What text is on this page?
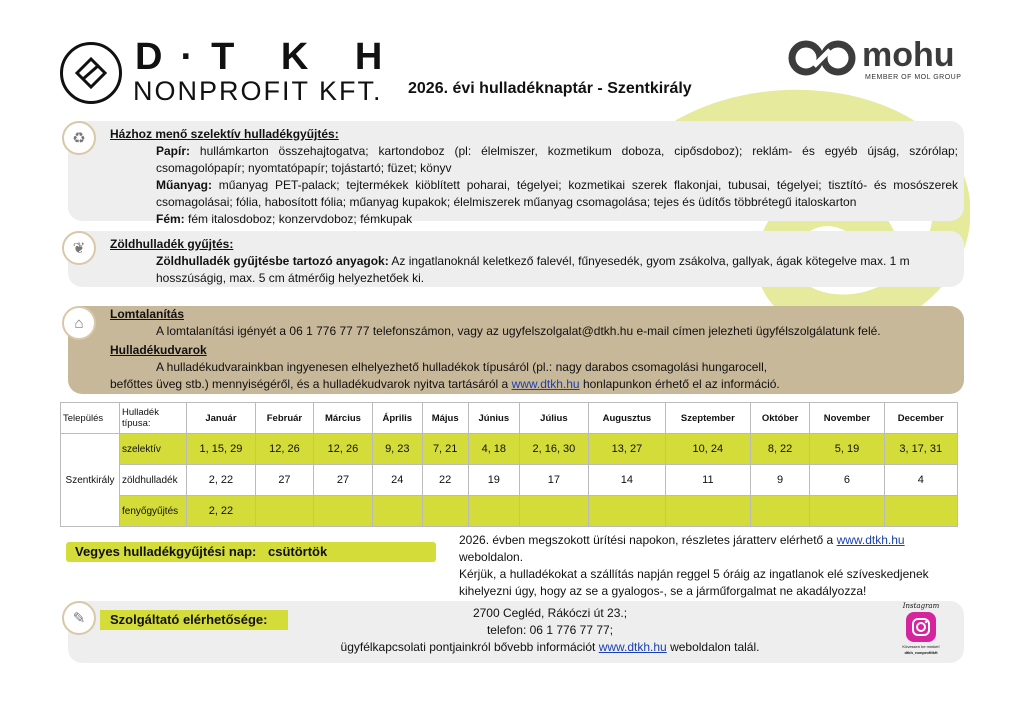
D·T K H
NONPROFIT KFT.
mohu
MEMBER OF MOL GROUP
2026. évi hulladéknaptár - Szentkirály
♻	Házhoz menő szelektív hulladékgyűjtés:
Papír: hullámkarton összehajtogatva; kartondoboz (pl: élelmiszer, kozmetikum doboza, cipősdoboz); reklám- és egyéb újság, szórólap; csomagolópapír; nyomtatópapír; tojástartó; füzet; könyv
Műanyag: műanyag PET-palack; tejtermékek kiöblített poharai, tégelyei; kozmetikai szerek flakonjai, tubusai, tégelyei; tisztító- és mosószerek csomagolásai; fólia, habosított fólia; műanyag kupakok; élelmiszerek műanyag csomagolása; tejes és üdítős többrétegű italoskarton
Fém: fém italosdoboz; konzervdoboz; fémkupak
❦	Zöldhulladék gyűjtés:
Zöldhulladék gyűjtésbe tartozó anyagok: Az ingatlanoknál keletkező falevél, fűnyesedék, gyom zsákolva, gallyak, ágak kötegelve max. 1 m hosszúságig, max. 5 cm átmérőig helyezhetőek ki.
⌂
Lomtalanítás
A lomtalanítási igényét a 06 1 776 77 77 telefonszámon, vagy az ugyfelszolgalat@dtkh.hu e-mail címen jelezheti ügyfélszolgálatunk felé.
Hulladékudvarok
A hulladékudvarainkban ingyenesen elhelyezhető hulladékok típusáról (pl.: nagy darabos csomagolási hungarocell,
befőttes üveg stb.) mennyiségéről, és a hulladékudvarok nyitva tartásáról a www.dtkh.hu honlapunkon érhető el az információ.
Település	Hulladék típusa:	Január	Február	Március	Április	Május	Június	Július	Augusztus	Szeptember	Október	November	December
Szentkirály	szelektív	1, 15, 29	12, 26	12, 26	9, 23	7, 21	4, 18	2, 16, 30	13, 27	10, 24	8, 22	5, 19	3, 17, 31
	zöldhulladék	2, 22	27	27	24	22	19	17	14	11	9	6	4
	fenyőgyűjtés	2, 22											
Vegyes hulladékgyűjtési nap: csütörtök
2026. évben megszokott ürítési napokon, részletes járatterv elérhető a www.dtkh.hu
weboldalon.
Kérjük, a hulladékokat a szállítás napján reggel 5 óráig az ingatlanok elé szíveskedjenek kihelyezni úgy, hogy az se a gyalogos-, se a járműforgalmat ne akadályozza!
✎	Szolgáltató elérhetősége:	2700 Cegléd, Rákóczi út 23.;
telefon: 06 1 776 77 77;
ügyfélkapcsolati pontjainkról bővebb információt www.dtkh.hu weboldalon talál.
Instagram
Kövessen be minket!
dtkh_nonprofitkft
